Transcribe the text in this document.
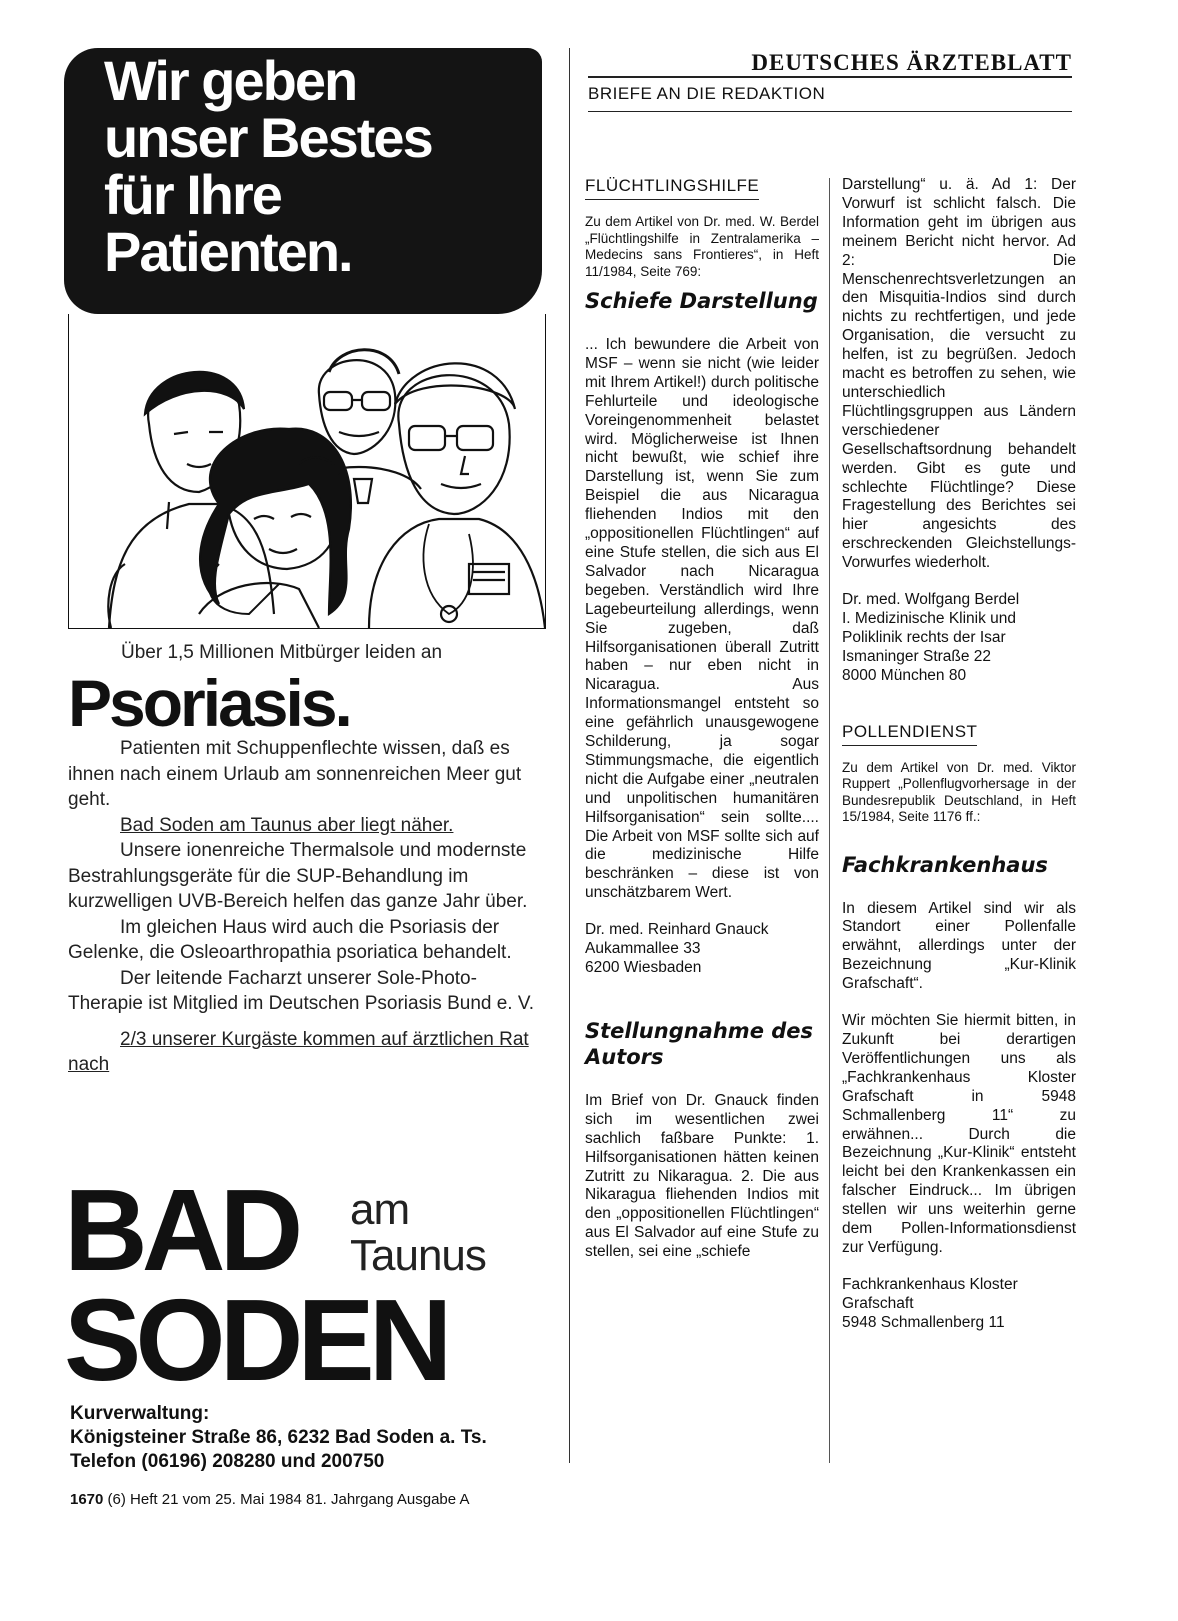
Wir geben
unser Bestes
für Ihre
Patienten.
Über 1,5 Millionen Mitbürger leiden an
Psoriasis.

Patienten mit Schuppenflechte wissen, daß es ihnen nach einem Urlaub am sonnenreichen Meer gut geht.

Bad Soden am Taunus aber liegt näher.

Unsere ionenreiche Thermalsole und modernste Bestrahlungsgeräte für die SUP-Behandlung im kurzwelligen UVB-Bereich helfen das ganze Jahr über.

Im gleichen Haus wird auch die Psoriasis der Gelenke, die Osleoarthropathia psoriatica behandelt.

Der leitende Facharzt unserer Sole-Photo-Therapie ist Mitglied im Deutschen Psoriasis Bund e. V.

2/3 unserer Kurgäste kommen auf ärztlichen Rat nach

BAD am
Taunus
SODEN
Kurverwaltung:
Königsteiner Straße 86, 6232 Bad Soden a. Ts.
Telefon (06196) 208280 und 200750
DEUTSCHES ÄRZTEBLATT
BRIEFE AN DIE REDAKTION
FLÜCHTLINGSHILFE

Zu dem Artikel von Dr. med. W. Berdel „Flüchtlingshilfe in Zentralamerika – Medecins sans Frontieres“, in Heft 11/1984, Seite 769:

Schiefe Darstellung

... Ich bewundere die Arbeit von MSF – wenn sie nicht (wie leider mit Ihrem Artikel!) durch politische Fehlurteile und ideologische Voreingenommenheit belastet wird. Möglicherweise ist Ihnen nicht bewußt, wie schief ihre Darstellung ist, wenn Sie zum Beispiel die aus Nicaragua fliehenden Indios mit den „oppositionellen Flüchtlingen“ auf eine Stufe stellen, die sich aus El Salvador nach Nicaragua begeben. Verständlich wird Ihre Lagebeurteilung allerdings, wenn Sie zugeben, daß Hilfsorganisationen überall Zutritt haben – nur eben nicht in Nicaragua. Aus Informationsmangel entsteht so eine gefährlich unausgewogene Schilderung, ja sogar Stimmungsmache, die eigentlich nicht die Aufgabe einer „neutralen und unpolitischen humanitären Hilfsorganisation“ sein sollte.... Die Arbeit von MSF sollte sich auf die medizinische Hilfe beschränken – diese ist von unschätzbarem Wert.

Dr. med. Reinhard Gnauck
Aukammallee 33
6200 Wiesbaden
Stellungnahme des Autors

Im Brief von Dr. Gnauck finden sich im wesentlichen zwei sachlich faßbare Punkte: 1. Hilfsorganisationen hätten keinen Zutritt zu Nikaragua. 2. Die aus Nikaragua fliehenden Indios mit den „oppositionellen Flüchtlingen“ aus El Salvador auf eine Stufe zu stellen, sei eine „schiefe

Darstellung“ u. ä. Ad 1: Der Vorwurf ist schlicht falsch. Die Information geht im übrigen aus meinem Bericht nicht hervor. Ad 2: Die Menschenrechtsverletzungen an den Misquitia-Indios sind durch nichts zu rechtfertigen, und jede Organisation, die versucht zu helfen, ist zu begrüßen. Jedoch macht es betroffen zu sehen, wie unterschiedlich Flüchtlingsgruppen aus Ländern verschiedener Gesellschaftsordnung behandelt werden. Gibt es gute und schlechte Flüchtlinge? Diese Fragestellung des Berichtes sei hier angesichts des erschreckenden Gleichstellungs-Vorwurfes wiederholt.

Dr. med. Wolfgang Berdel
I. Medizinische Klinik und
Poliklinik rechts der Isar
Ismaninger Straße 22
8000 München 80
POLLENDIENST

Zu dem Artikel von Dr. med. Viktor Ruppert „Pollenflugvorhersage in der Bundesrepublik Deutschland, in Heft 15/1984, Seite 1176 ff.:

Fachkrankenhaus

In diesem Artikel sind wir als Standort einer Pollenfalle erwähnt, allerdings unter der Bezeichnung „Kur-Klinik Grafschaft“.

Wir möchten Sie hiermit bitten, in Zukunft bei derartigen Veröffentlichungen uns als „Fachkrankenhaus Kloster Grafschaft in 5948 Schmallenberg 11“ zu erwähnen... Durch die Bezeichnung „Kur-Klinik“ entsteht leicht bei den Krankenkassen ein falscher Eindruck... Im übrigen stellen wir uns weiterhin gerne dem Pollen-Informationsdienst zur Verfügung.

Fachkrankenhaus Kloster
Grafschaft
5948 Schmallenberg 11
1670 (6) Heft 21 vom 25. Mai 1984 81. Jahrgang Ausgabe A
